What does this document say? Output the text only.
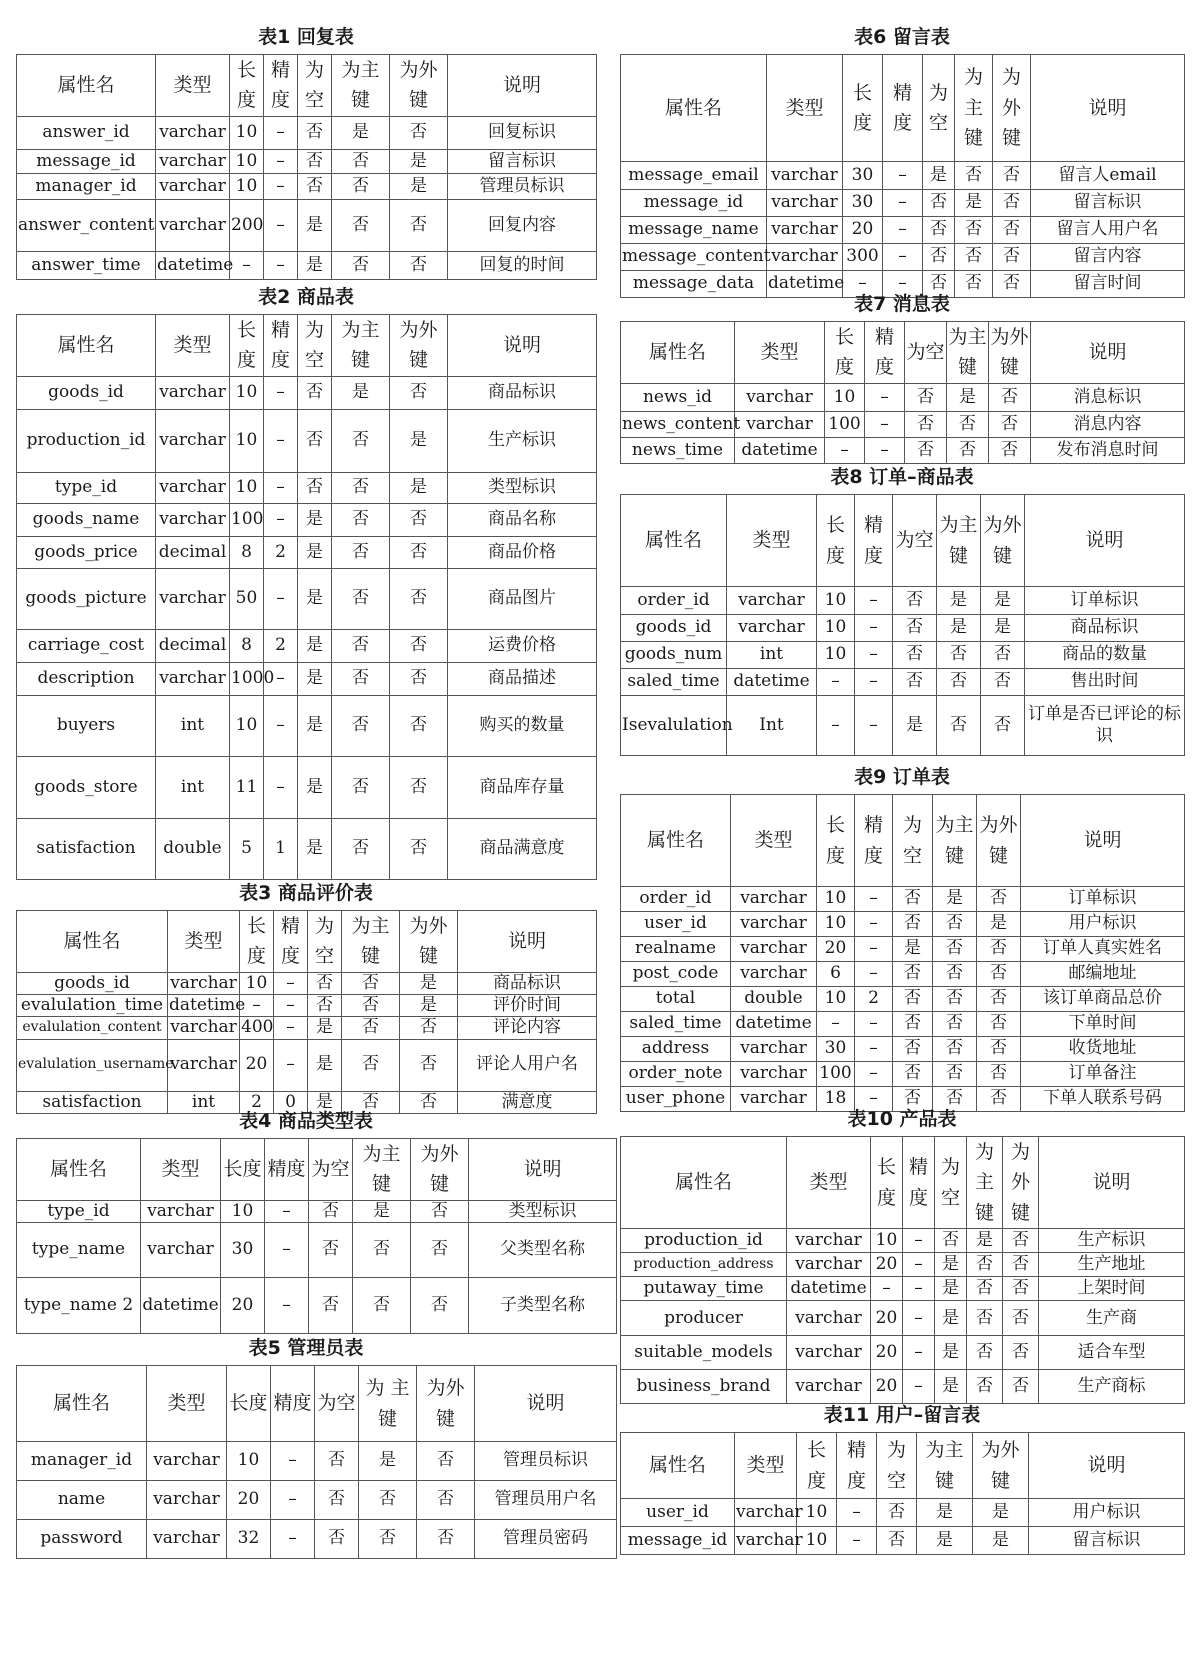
表1 回复表
属性名	类型	长度	精度	为空	为主键	为外键	说明
answer_id	varchar	10	–	否	是	否	回复标识
message_id	varchar	10	–	否	否	是	留言标识
manager_id	varchar	10	–	否	否	是	管理员标识
answer_content	varchar	200	–	是	否	否	回复内容
answer_time	datetime	–	–	是	否	否	回复的时间
表2 商品表
属性名	类型	长度	精度	为空	为主键	为外键	说明
goods_id	varchar	10	–	否	是	否	商品标识
production_id	varchar	10	–	否	否	是	生产标识
type_id	varchar	10	–	否	否	是	类型标识
goods_name	varchar	100	–	是	否	否	商品名称
goods_price	decimal	8	2	是	否	否	商品价格
goods_picture	varchar	50	–	是	否	否	商品图片
carriage_cost	decimal	8	2	是	否	否	运费价格
description	varchar	1000	–	是	否	否	商品描述
buyers	int	10	–	是	否	否	购买的数量
goods_store	int	11	–	是	否	否	商品库存量
satisfaction	double	5	1	是	否	否	商品满意度
表3 商品评价表
属性名	类型	长度	精度	为空	为主键	为外键	说明
goods_id	varchar	10	–	否	否	是	商品标识
evalulation_time	datetime	–	–	否	否	是	评价时间
evalulation_content	varchar	400	–	是	否	否	评论内容
evalulation_username	varchar	20	–	是	否	否	评论人用户名
satisfaction	int	2	0	是	否	否	满意度
表4 商品类型表
属性名	类型	长度	精度	为空	为主键	为外键	说明
type_id	varchar	10	–	否	是	否	类型标识
type_name	varchar	30	–	否	否	否	父类型名称
type_name 2	datetime	20	–	否	否	否	子类型名称
表5 管理员表
属性名	类型	长度	精度	为空	为 主键	为外键	说明
manager_id	varchar	10	–	否	是	否	管理员标识
name	varchar	20	–	否	否	否	管理员用户名
password	varchar	32	–	否	否	否	管理员密码
表6 留言表
属性名	类型	长度	精度	为空	为主键	为外键	说明
message_email	varchar	30	–	是	否	否	留言人email
message_id	varchar	30	–	否	是	否	留言标识
message_name	varchar	20	–	否	否	否	留言人用户名
message_content	varchar	300	–	否	否	否	留言内容
message_data	datetime	–	–	否	否	否	留言时间
表7 消息表
属性名	类型	长度	精度	为空	为主键	为外键	说明
news_id	varchar	10	–	否	是	否	消息标识
news_content	varchar	100	–	否	否	否	消息内容
news_time	datetime	–	–	否	否	否	发布消息时间
表8 订单–商品表
属性名	类型	长度	精度	为空	为主键	为外键	说明
order_id	varchar	10	–	否	是	是	订单标识
goods_id	varchar	10	–	否	是	是	商品标识
goods_num	int	10	–	否	否	否	商品的数量
saled_time	datetime	–	–	否	否	否	售出时间
Isevalulation	Int	–	–	是	否	否	订单是否已评论的标识
表9 订单表
属性名	类型	长度	精度	为空	为主键	为外键	说明
order_id	varchar	10	–	否	是	否	订单标识
user_id	varchar	10	–	否	否	是	用户标识
realname	varchar	20	–	是	否	否	订单人真实姓名
post_code	varchar	6	–	否	否	否	邮编地址
total	double	10	2	否	否	否	该订单商品总价
saled_time	datetime	–	–	否	否	否	下单时间
address	varchar	30	–	否	否	否	收货地址
order_note	varchar	100	–	否	否	否	订单备注
user_phone	varchar	18	–	否	否	否	下单人联系号码
表10 产品表
属性名	类型	长度	精度	为空	为主键	为外键	说明
production_id	varchar	10	–	否	是	否	生产标识
production_address	varchar	20	–	是	否	否	生产地址
putaway_time	datetime	–	–	是	否	否	上架时间
producer	varchar	20	–	是	否	否	生产商
suitable_models	varchar	20	–	是	否	否	适合车型
business_brand	varchar	20	–	是	否	否	生产商标
表11 用户–留言表
属性名	类型	长度	精度	为空	为主键	为外键	说明
user_id	varchar	10	–	否	是	是	用户标识
message_id	varchar	10	–	否	是	是	留言标识
